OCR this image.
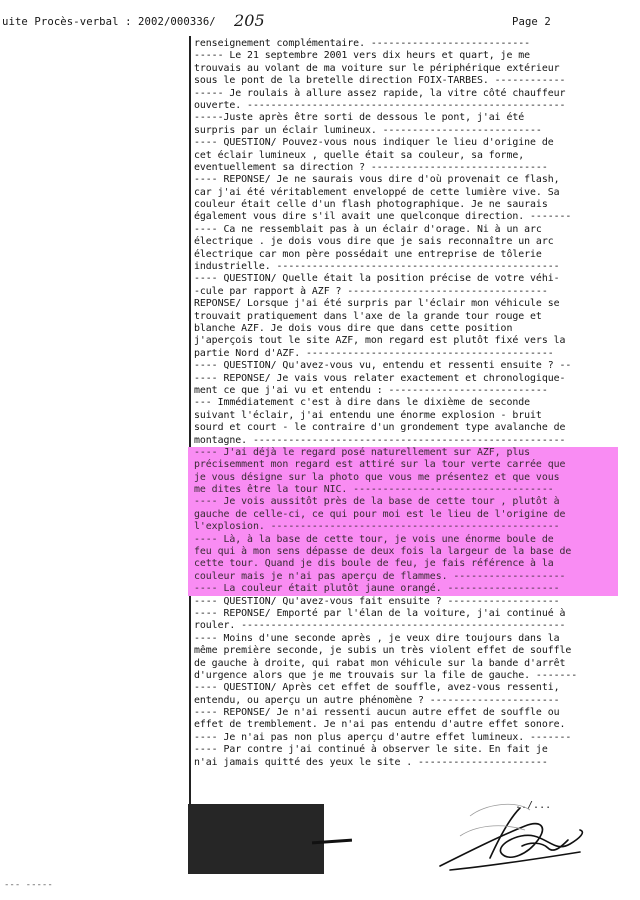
uite Procès-verbal : 2002/000336/ 205	Page 2
renseignement complémentaire. ---------------------------
----- Le 21 septembre 2001 vers dix heurs et quart, je me
trouvais au volant de ma voiture sur le périphérique extérieur
sous le pont de la bretelle direction FOIX-TARBES. ------------
----- Je roulais à allure assez rapide, la vitre côté chauffeur
ouverte. ------------------------------------------------------
-----Juste après être sorti de dessous le pont, j'ai été
surpris par un éclair lumineux. ---------------------------
---- QUESTION/ Pouvez-vous nous indiquer le lieu d'origine de
cet éclair lumineux , quelle était sa couleur, sa forme,
eventuellement sa direction ? ------------------------------
---- REPONSE/ Je ne saurais vous dire d'où provenait ce flash,
car j'ai été véritablement enveloppé de cette lumière vive. Sa
couleur était celle d'un flash photographique. Je ne saurais
également vous dire s'il avait une quelconque direction. -------
---- Ca ne ressemblait pas à un éclair d'orage. Ni à un arc
électrique . je dois vous dire que je sais reconnaître un arc
électrique car mon père possédait une entreprise de tôlerie
industrielle. ------------------------------------------------
---- QUESTION/ Quelle était la position précise de votre véhi-
-cule par rapport à AZF ? ----------------------------------
REPONSE/ Lorsque j'ai été surpris par l'éclair mon véhicule se
trouvait pratiquement dans l'axe de la grande tour rouge et
blanche AZF. Je dois vous dire que dans cette position
j'aperçois tout le site AZF, mon regard est plutôt fixé vers la
partie Nord d'AZF. ------------------------------------------
---- QUESTION/ Qu'avez-vous vu, entendu et ressenti ensuite ? --
---- REPONSE/ Je vais vous relater exactement et chronologique-
ment ce que j'ai vu et entendu : ---------------------------
--- Immédiatement c'est à dire dans le dixième de seconde
suivant l'éclair, j'ai entendu une énorme explosion - bruit
sourd et court - le contraire d'un grondement type avalanche de
montagne. -----------------------------------------------------
---- J'ai déjà le regard posé naturellement sur AZF, plus
précisemment mon regard est attiré sur la tour verte carrée que
je vous désigne sur la photo que vous me présentez et que vous
me dites être la tour NIC. ----------------------------------
---- Je vois aussitôt près de la base de cette tour , plutôt à
gauche de celle-ci, ce qui pour moi est le lieu de l'origine de
l'explosion. -------------------------------------------------
---- Là, à la base de cette tour, je vois une énorme boule de
feu qui à mon sens dépasse de deux fois la largeur de la base de
cette tour. Quand je dis boule de feu, je fais référence à la
couleur mais je n'ai pas aperçu de flammes. -------------------
---- La couleur était plutôt jaune orangé. -------------------
---- QUESTION/ Qu'avez-vous fait ensuite ? -------------------
---- REPONSE/ Emporté par l'élan de la voiture, j'ai continué à
rouler. -------------------------------------------------------
---- Moins d'une seconde après , je veux dire toujours dans la
même première seconde, je subis un très violent effet de souffle
de gauche à droite, qui rabat mon véhicule sur la bande d'arrêt
d'urgence alors que je me trouvais sur la file de gauche. -------
---- QUESTION/ Après cet effet de souffle, avez-vous ressenti,
entendu, ou aperçu un autre phénomène ? ----------------------
---- REPONSE/ Je n'ai ressenti aucun autre effet de souffle ou
effet de tremblement. Je n'ai pas entendu d'autre effet sonore.
---- Je n'ai pas non plus aperçu d'autre effet lumineux. -------
---- Par contre j'ai continué à observer le site. En fait je
n'ai jamais quitté des yeux le site . ----------------------
../...
--- -----
